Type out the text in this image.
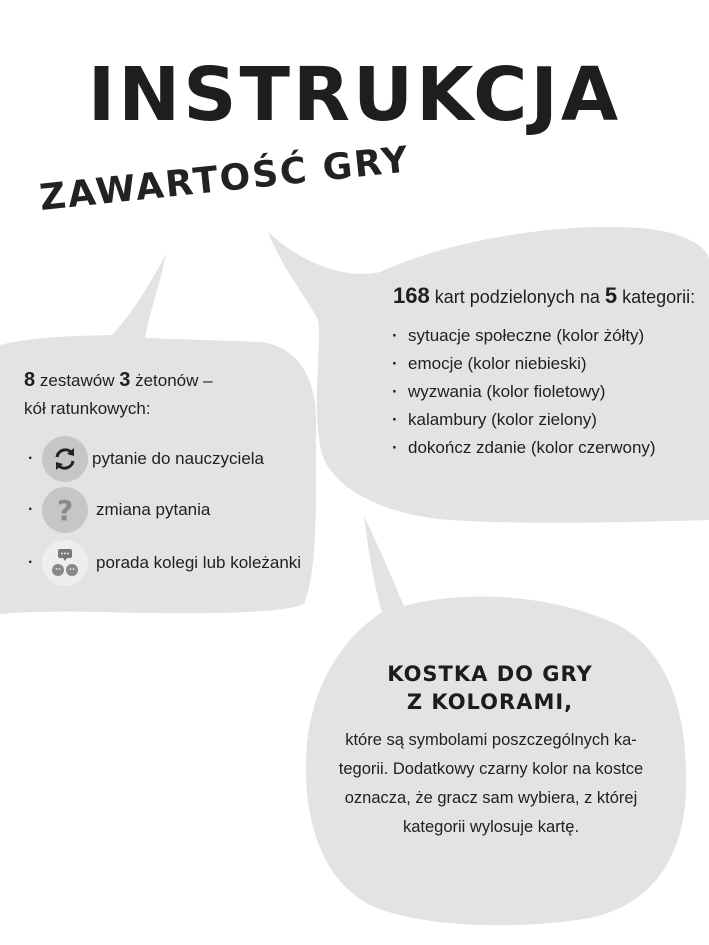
INSTRUKCJA
ZAWARTOŚĆ GRY
168 kart podzielonych na 5 kategorii:
· sytuacje społeczne (kolor żółty)
· emocje (kolor niebieski)
· wyzwania (kolor fioletowy)
· kalambury (kolor zielony)
· dokończ zdanie (kolor czerwony)
8 zestawów 3 żetonów –
kół ratunkowych:
·	pytanie do nauczyciela
· ? zmiana pytania
·	porada kolegi lub koleżanki
KOSTKA DO GRY
Z KOLORAMI,
które są symbolami poszczególnych ka-
tegorii. Dodatkowy czarny kolor na kostce
oznacza, że gracz sam wybiera, z której
kategorii wylosuje kartę.
